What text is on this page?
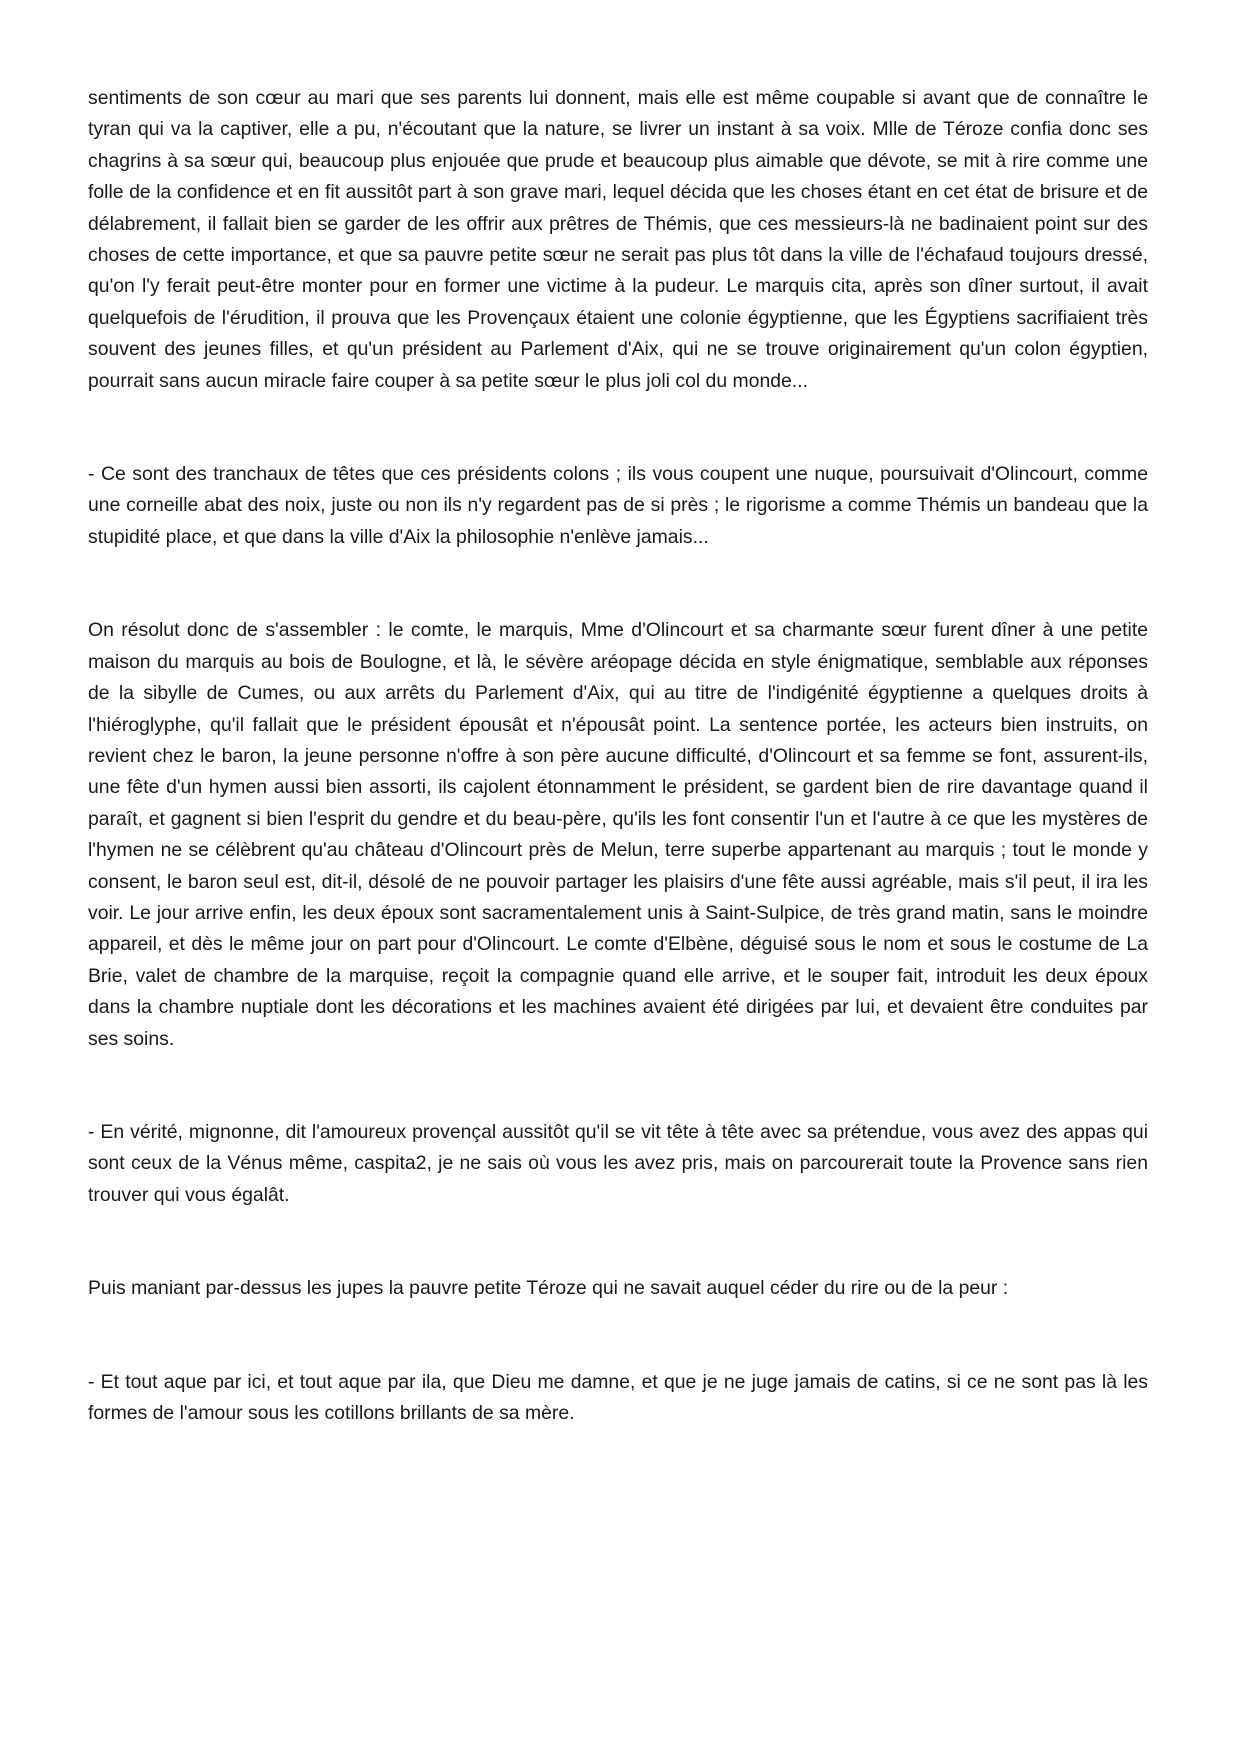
sentiments de son cœur au mari que ses parents lui donnent, mais elle est même coupable si avant que de connaître le tyran qui va la captiver, elle a pu, n'écoutant que la nature, se livrer un instant à sa voix. Mlle de Téroze confia donc ses chagrins à sa sœur qui, beaucoup plus enjouée que prude et beaucoup plus aimable que dévote, se mit à rire comme une folle de la confidence et en fit aussitôt part à son grave mari, lequel décida que les choses étant en cet état de brisure et de délabrement, il fallait bien se garder de les offrir aux prêtres de Thémis, que ces messieurs-là ne badinaient point sur des choses de cette importance, et que sa pauvre petite sœur ne serait pas plus tôt dans la ville de l'échafaud toujours dressé, qu'on l'y ferait peut-être monter pour en former une victime à la pudeur. Le marquis cita, après son dîner surtout, il avait quelquefois de l'érudition, il prouva que les Provençaux étaient une colonie égyptienne, que les Égyptiens sacrifiaient très souvent des jeunes filles, et qu'un président au Parlement d'Aix, qui ne se trouve originairement qu'un colon égyptien, pourrait sans aucun miracle faire couper à sa petite sœur le plus joli col du monde...

- Ce sont des tranchaux de têtes que ces présidents colons ; ils vous coupent une nuque, poursuivait d'Olincourt, comme une corneille abat des noix, juste ou non ils n'y regardent pas de si près ; le rigorisme a comme Thémis un bandeau que la stupidité place, et que dans la ville d'Aix la philosophie n'enlève jamais...

On résolut donc de s'assembler : le comte, le marquis, Mme d'Olincourt et sa charmante sœur furent dîner à une petite maison du marquis au bois de Boulogne, et là, le sévère aréopage décida en style énigmatique, semblable aux réponses de la sibylle de Cumes, ou aux arrêts du Parlement d'Aix, qui au titre de l'indigénité égyptienne a quelques droits à l'hiéroglyphe, qu'il fallait que le président épousât et n'épousât point. La sentence portée, les acteurs bien instruits, on revient chez le baron, la jeune personne n'offre à son père aucune difficulté, d'Olincourt et sa femme se font, assurent-ils, une fête d'un hymen aussi bien assorti, ils cajolent étonnamment le président, se gardent bien de rire davantage quand il paraît, et gagnent si bien l'esprit du gendre et du beau-père, qu'ils les font consentir l'un et l'autre à ce que les mystères de l'hymen ne se célèbrent qu'au château d'Olincourt près de Melun, terre superbe appartenant au marquis ; tout le monde y consent, le baron seul est, dit-il, désolé de ne pouvoir partager les plaisirs d'une fête aussi agréable, mais s'il peut, il ira les voir. Le jour arrive enfin, les deux époux sont sacramentalement unis à Saint-Sulpice, de très grand matin, sans le moindre appareil, et dès le même jour on part pour d'Olincourt. Le comte d'Elbène, déguisé sous le nom et sous le costume de La Brie, valet de chambre de la marquise, reçoit la compagnie quand elle arrive, et le souper fait, introduit les deux époux dans la chambre nuptiale dont les décorations et les machines avaient été dirigées par lui, et devaient être conduites par ses soins.

- En vérité, mignonne, dit l'amoureux provençal aussitôt qu'il se vit tête à tête avec sa prétendue, vous avez des appas qui sont ceux de la Vénus même, caspita2, je ne sais où vous les avez pris, mais on parcourerait toute la Provence sans rien trouver qui vous égalât.

Puis maniant par-dessus les jupes la pauvre petite Téroze qui ne savait auquel céder du rire ou de la peur :

- Et tout aque par ici, et tout aque par ila, que Dieu me damne, et que je ne juge jamais de catins, si ce ne sont pas là les formes de l'amour sous les cotillons brillants de sa mère.
